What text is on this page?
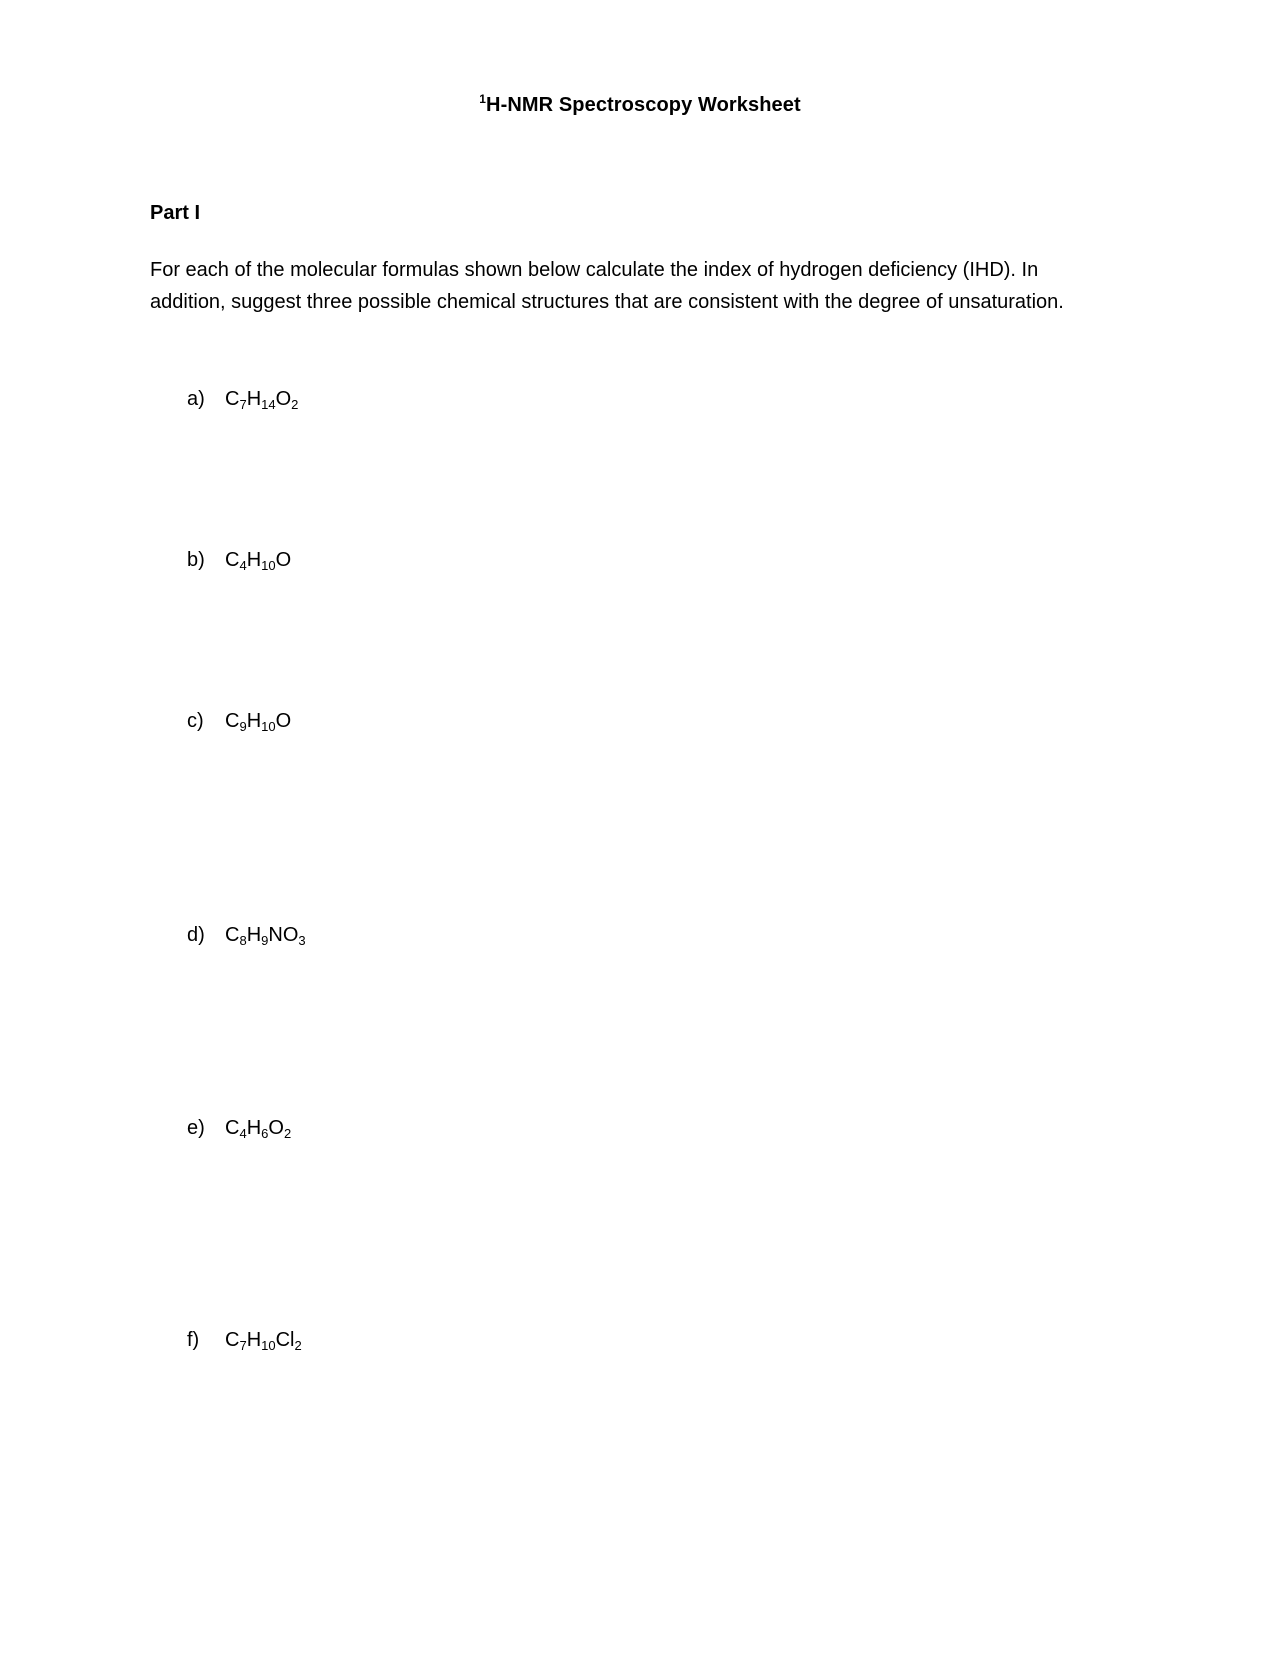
$^1$H-NMR Spectroscopy Worksheet
Part I

For each of the molecular formulas shown below calculate the index of hydrogen deficiency (IHD). In

addition, suggest three possible chemical structures that are consistent with the degree of unsaturation.

a) $C_7H_{14}O_2$
b) $C_4H_{10}O$
c) $C_9H_{10}O$
d) $C_8H_9NO_3$
e) $C_4H_6O_2$
f) $C_7H_{10}Cl_2$
